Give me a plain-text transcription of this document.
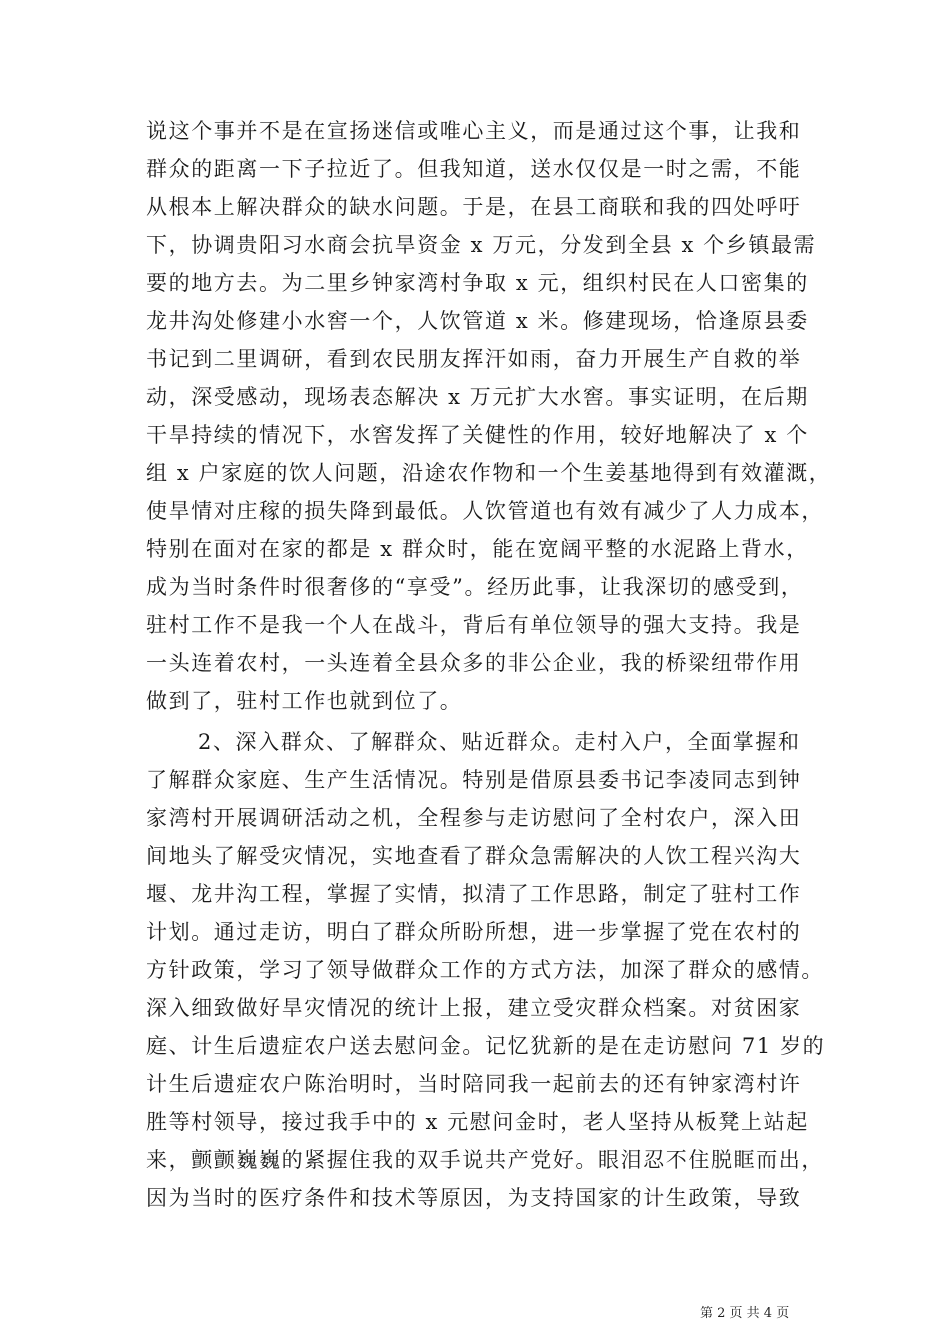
说这个事并不是在宣扬迷信或唯心主义，而是通过这个事，让我和
群众的距离一下子拉近了。但我知道，送水仅仅是一时之需，不能
从根本上解决群众的缺水问题。于是，在县工商联和我的四处呼吁
下，协调贵阳习水商会抗旱资金 x 万元，分发到全县 x 个乡镇最需
要的地方去。为二里乡钟家湾村争取 x 元，组织村民在人口密集的
龙井沟处修建小水窖一个，人饮管道 x 米。修建现场，恰逢原县委
书记到二里调研，看到农民朋友挥汗如雨，奋力开展生产自救的举
动，深受感动，现场表态解决 x 万元扩大水窖。事实证明，在后期
干旱持续的情况下，水窖发挥了关健性的作用，较好地解决了 x 个
组 x 户家庭的饮人问题，沿途农作物和一个生姜基地得到有效灌溉，
使旱情对庄稼的损失降到最低。人饮管道也有效有减少了人力成本，
特别在面对在家的都是 x 群众时，能在宽阔平整的水泥路上背水，
成为当时条件时很奢侈的“享受”。经历此事，让我深切的感受到，
驻村工作不是我一个人在战斗，背后有单位领导的强大支持。我是
一头连着农村，一头连着全县众多的非公企业，我的桥梁纽带作用
做到了，驻村工作也就到位了。
2、深入群众、了解群众、贴近群众。走村入户，全面掌握和
了解群众家庭、生产生活情况。特别是借原县委书记李凌同志到钟
家湾村开展调研活动之机，全程参与走访慰问了全村农户，深入田
间地头了解受灾情况，实地查看了群众急需解决的人饮工程兴沟大
堰、龙井沟工程，掌握了实情，拟清了工作思路，制定了驻村工作
计划。通过走访，明白了群众所盼所想，进一步掌握了党在农村的
方针政策，学习了领导做群众工作的方式方法，加深了群众的感情。
深入细致做好旱灾情况的统计上报，建立受灾群众档案。对贫困家
庭、计生后遗症农户送去慰问金。记忆犹新的是在走访慰问 71 岁的
计生后遗症农户陈治明时，当时陪同我一起前去的还有钟家湾村许
胜等村领导，接过我手中的 x 元慰问金时，老人坚持从板凳上站起
来，颤颤巍巍的紧握住我的双手说共产党好。眼泪忍不住脱眶而出，
因为当时的医疗条件和技术等原因，为支持国家的计生政策，导致
第 2 页 共 4 页
